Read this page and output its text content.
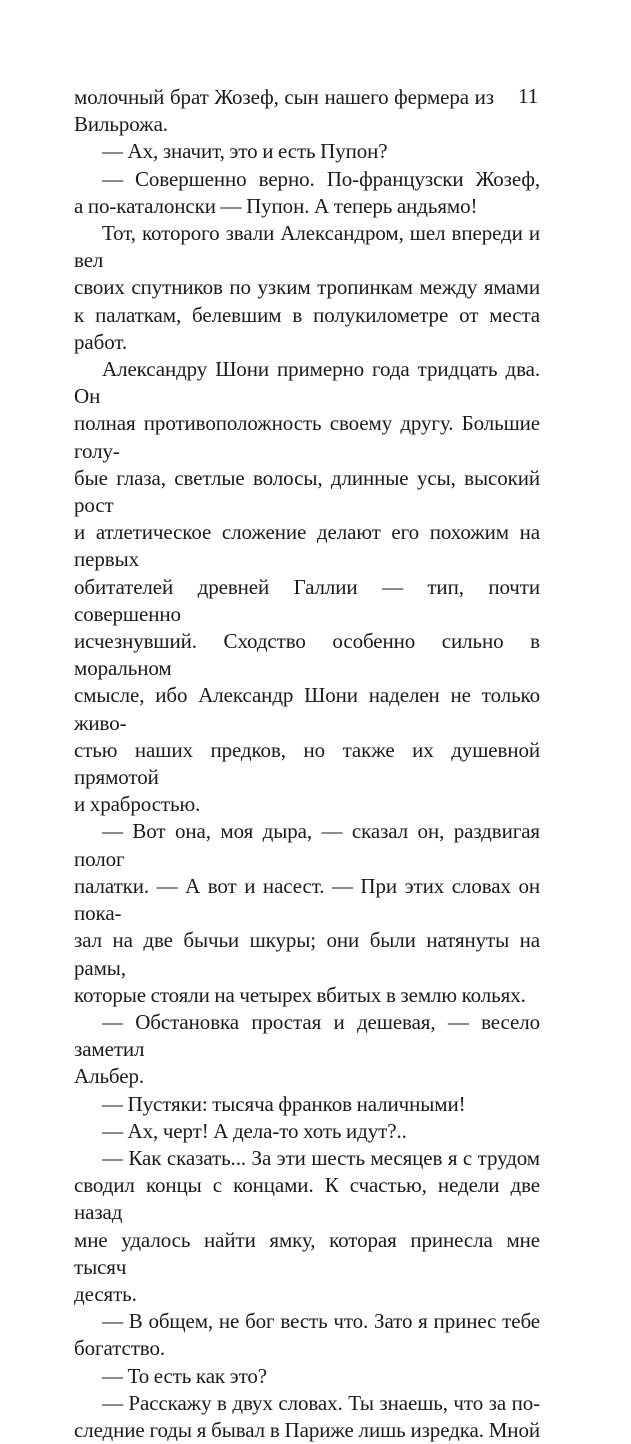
11

молочный брат Жозеф, сын нашего фермера из

Вильрожа.

— Ах, значит, это и есть Пупон?

— Совершенно верно. По-французски Жозеф,

а по-каталонски — Пупон. А теперь андьямо!

Тот, которого звали Александром, шел впереди и вел

своих спутников по узким тропинкам между ямами

к палаткам, белевшим в полукилометре от места работ.

Александру Шони примерно года тридцать два. Он

полная противоположность своему другу. Большие голу-

бые глаза, светлые волосы, длинные усы, высокий рост

и атлетическое сложение делают его похожим на первых

обитателей древней Галлии — тип, почти совершенно

исчезнувший. Сходство особенно сильно в моральном

смысле, ибо Александр Шони наделен не только живо-

стью наших предков, но также их душевной прямотой

и храбростью.

— Вот она, моя дыра, — сказал он, раздвигая полог

палатки. — А вот и насест. — При этих словах он пока-

зал на две бычьи шкуры; они были натянуты на рамы,

которые стояли на четырех вбитых в землю кольях.

— Обстановка простая и дешевая, — весело заметил

Альбер.

— Пустяки: тысяча франков наличными!

— Ах, черт! А дела-то хоть идут?..

— Как сказать... За эти шесть месяцев я с трудом

сводил концы с концами. К счастью, недели две назад

мне удалось найти ямку, которая принесла мне тысяч

десять.

— В общем, не бог весть что. Зато я принес тебе

богатство.

— То есть как это?

— Расскажу в двух словах. Ты знаешь, что за по-

следние годы я бывал в Париже лишь изредка. Мной
